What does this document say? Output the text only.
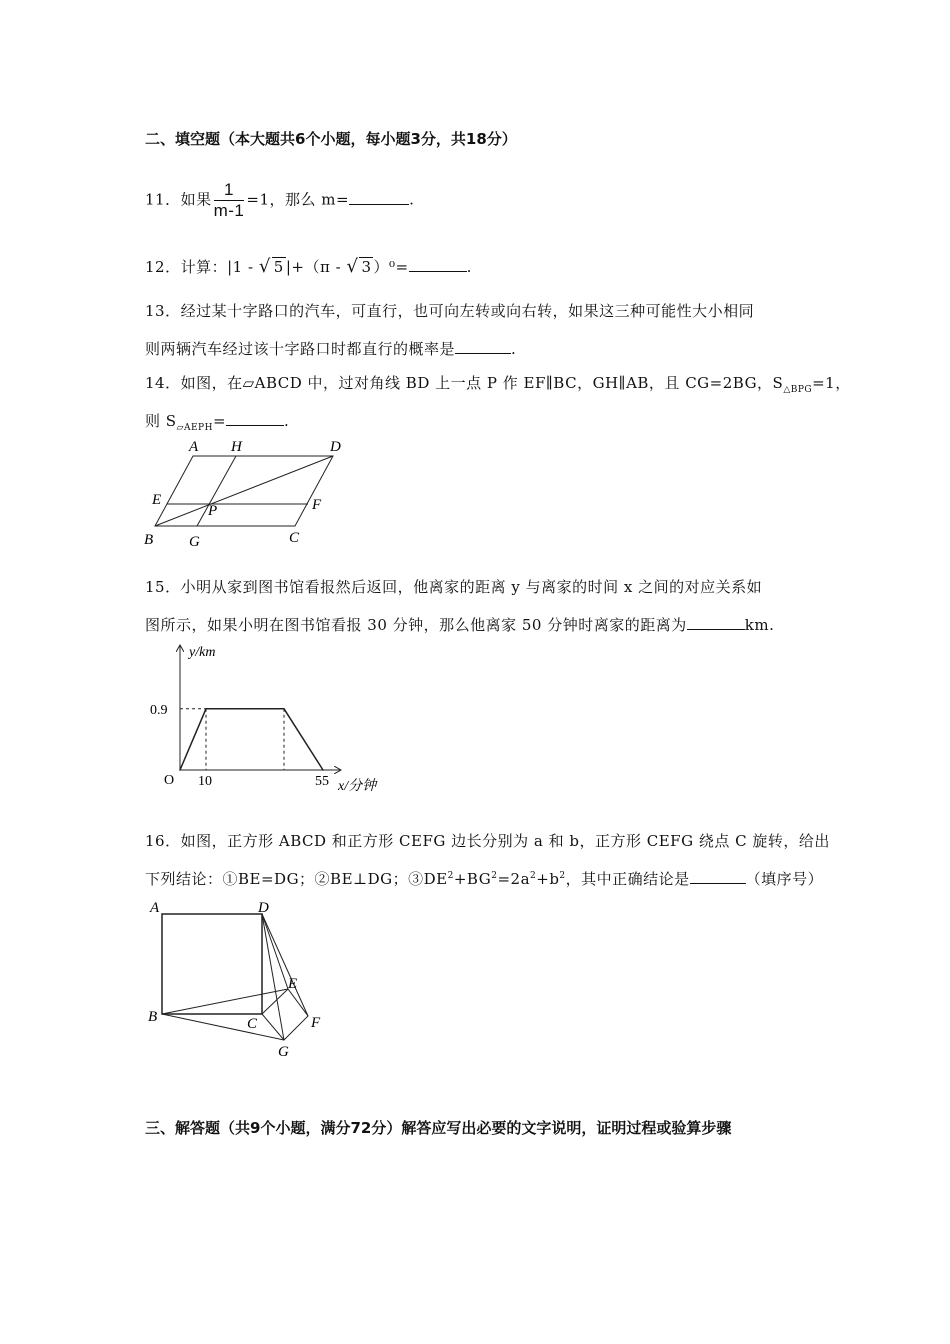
二、填空题（本大题共6个小题，每小题3分，共18分）
11．如果 $\frac{1}{m-1} =1$，那么 m=	.
12．计算：|1 - √ 5 |+（π - √ 3 ）⁰=	.
13．经过某十字路口的汽车，可直行，也可向左转或向右转，如果这三种可能性大小相同
则两辆汽车经过该十字路口时都直行的概率是	.
14．如图，在▱ABCD 中，过对角线 BD 上一点 P 作 EF∥BC，GH∥AB，且 CG=2BG，$S_{\triangle BPG}=1$，
则 $S_{▱AEPH}=$	.
A H	D
E
P	F
B G	C
15．小明从家到图书馆看报然后返回，他离家的距离 y 与离家的时间 x 之间的对应关系如
图所示，如果小明在图书馆看报 30 分钟，那么他离家 50 分钟时离家的距离为	km.
0.9
10	55
y/km
x/分钟
O
16．如图，正方形 ABCD 和正方形 CEFG 边长分别为 a 和 b，正方形 CEFG 绕点 C 旋转，给出
下列结论：①BE=DG；②BE⊥DG；$③DE^2+BG^2=2a^2+b^2$，其中正确结论是	（填序号）
A	D
E
B	C	F
G
三、解答题（共9个小题，满分72分）解答应写出必要的文字说明，证明过程或验算步骤
